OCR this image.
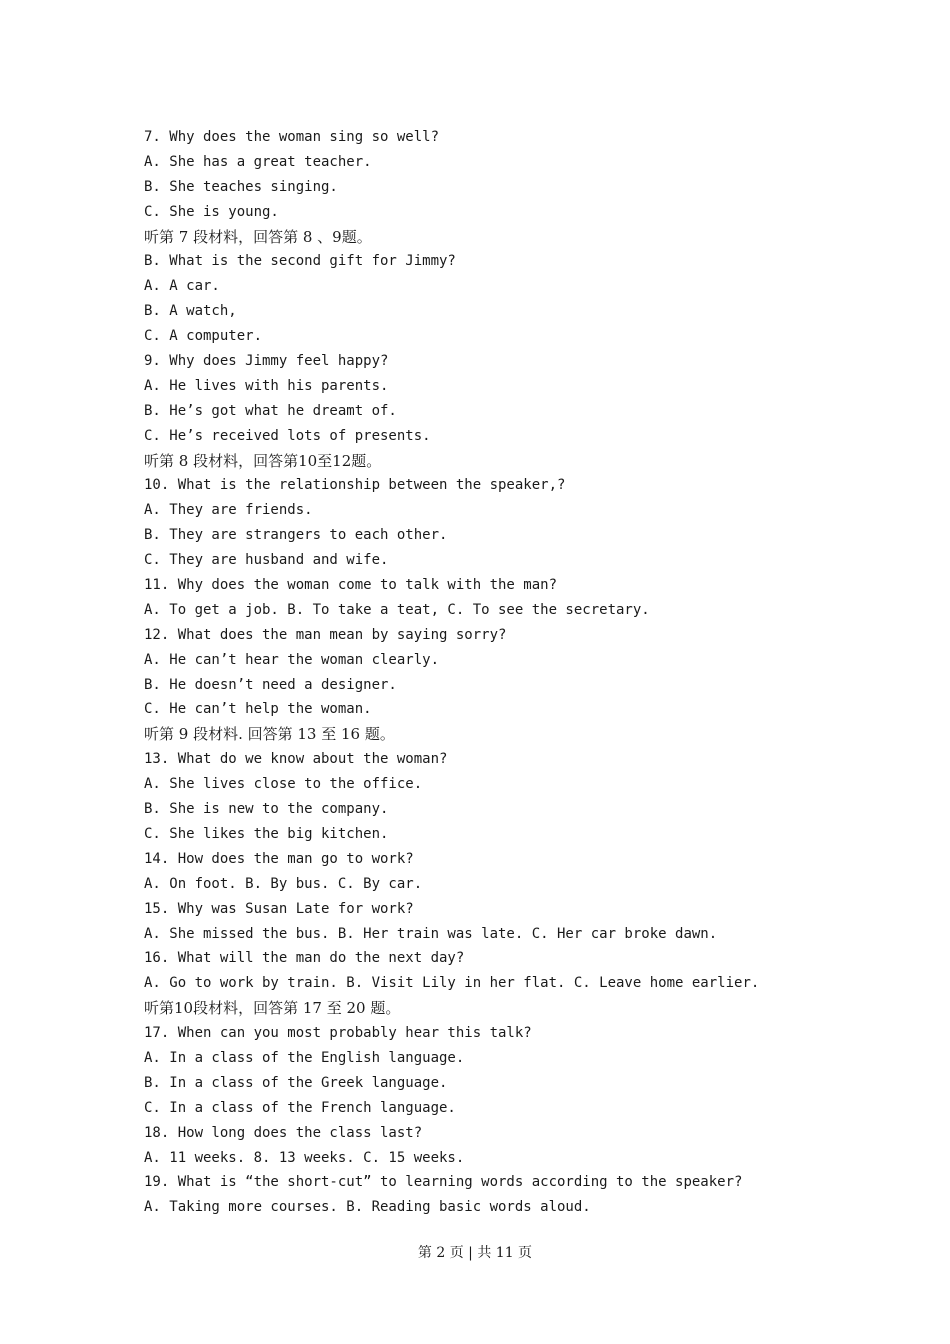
7. Why does the woman sing so well?
A. She has a great teacher.
B. She teaches singing.
C. She is young.
听第 7 段材料，回答第 8 、9题。
B. What is the second gift for Jimmy?
A. A car.
B. A watch,
C. A computer.
9. Why does Jimmy feel happy?
A. He lives with his parents.
B. He’s got what he dreamt of.
C. He’s received lots of presents.
听第 8 段材料，回答第10至12题。
10. What is the relationship between the speaker,?
A. They are friends.
B. They are strangers to each other.
C. They are husband and wife.
11. Why does the woman come to talk with the man?
A. To get a job. B. To take a teat, C. To see the secretary.
12. What does the man mean by saying sorry?
A. He can’t hear the woman clearly.
B. He doesn’t need a designer.
C. He can’t help the woman.
听第 9 段材料. 回答第 13 至 16 题。
13. What do we know about the woman?
A. She lives close to the office.
B. She is new to the company.
C. She likes the big kitchen.
14. How does the man go to work?
A. On foot. B. By bus. C. By car.
15. Why was Susan Late for work?
A. She missed the bus. B. Her train was late. C. Her car broke dawn.
16. What will the man do the next day?
A. Go to work by train. B. Visit Lily in her flat. C. Leave home earlier.
听第10段材料，回答第 17 至 20 题。
17. When can you most probably hear this talk?
A. In a class of the English language.
B. In a class of the Greek language.
C. In a class of the French language.
18. How long does the class last?
A. 11 weeks. 8. 13 weeks. C. 15 weeks.
19. What is “the short-cut” to learning words according to the speaker?
A. Taking more courses. B. Reading basic words aloud.
第 2 页 | 共 11 页
